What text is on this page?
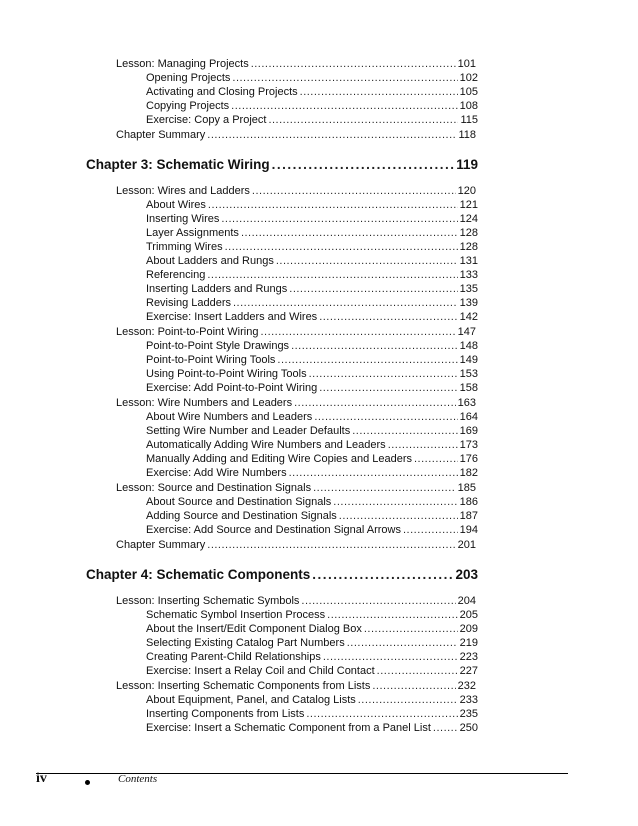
Lesson: Managing Projects .....	101
Opening Projects .....	102
Activating and Closing Projects .....	105
Copying Projects .....	108
Exercise: Copy a Project .....	115
Chapter Summary .....	118
Chapter 3: Schematic Wiring .....	119
Lesson: Wires and Ladders .....	120
About Wires .....	121
Inserting Wires .....	124
Layer Assignments .....	128
Trimming Wires .....	128
About Ladders and Rungs .....	131
Referencing .....	133
Inserting Ladders and Rungs .....	135
Revising Ladders .....	139
Exercise: Insert Ladders and Wires .....	142
Lesson: Point-to-Point Wiring .....	147
Point-to-Point Style Drawings .....	148
Point-to-Point Wiring Tools .....	149
Using Point-to-Point Wiring Tools .....	153
Exercise: Add Point-to-Point Wiring .....	158
Lesson: Wire Numbers and Leaders .....	163
About Wire Numbers and Leaders .....	164
Setting Wire Number and Leader Defaults .....	169
Automatically Adding Wire Numbers and Leaders .....	173
Manually Adding and Editing Wire Copies and Leaders .....	176
Exercise: Add Wire Numbers .....	182
Lesson: Source and Destination Signals .....	185
About Source and Destination Signals .....	186
Adding Source and Destination Signals .....	187
Exercise: Add Source and Destination Signal Arrows .....	194
Chapter Summary .....	201
Chapter 4: Schematic Components .....	203
Lesson: Inserting Schematic Symbols .....	204
Schematic Symbol Insertion Process .....	205
About the Insert/Edit Component Dialog Box .....	209
Selecting Existing Catalog Part Numbers .....	219
Creating Parent-Child Relationships .....	223
Exercise: Insert a Relay Coil and Child Contact .....	227
Lesson: Inserting Schematic Components from Lists .....	232
About Equipment, Panel, and Catalog Lists .....	233
Inserting Components from Lists .....	235
Exercise: Insert a Schematic Component from a Panel List .....	250
iv	Contents
